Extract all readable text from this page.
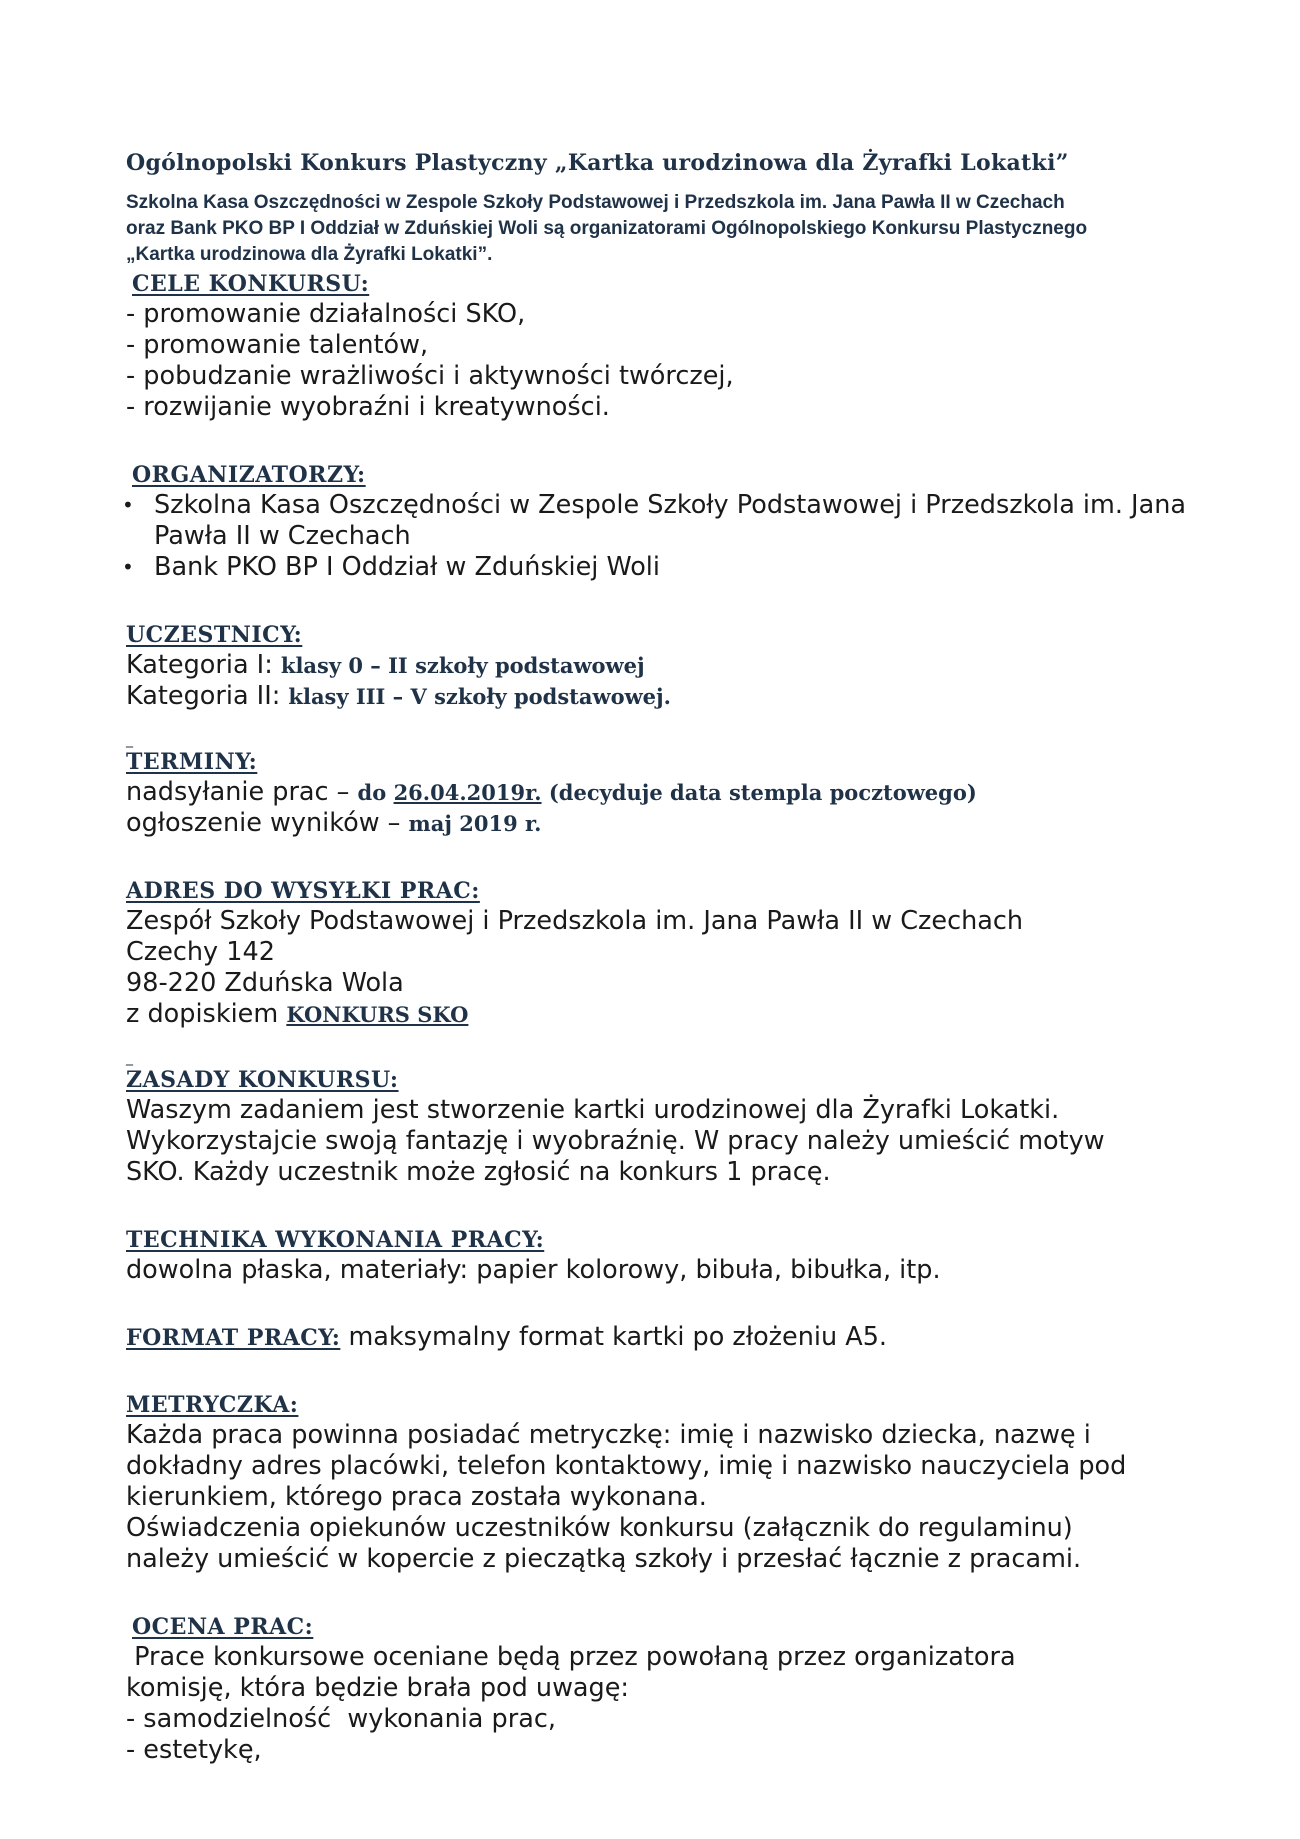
Ogólnopolski Konkurs Plastyczny „Kartka urodzinowa dla Żyrafki Lokatki”

Szkolna Kasa Oszczędności w Zespole Szkoły Podstawowej i Przedszkola im. Jana Pawła II w Czechach

oraz Bank PKO BP I Oddział w Zduńskiej Woli są organizatorami Ogólnopolskiego Konkursu Plastycznego

„Kartka urodzinowa dla Żyrafki Lokatki”.

CELE KONKURSU:

- promowanie działalności SKO,

- promowanie talentów,

- pobudzanie wrażliwości i aktywności twórczej,

- rozwijanie wyobraźni i kreatywności.

ORGANIZATORZY:
• Szkolna Kasa Oszczędności w Zespole Szkoły Podstawowej i Przedszkola im. Jana Pawła II w Czechach
• Bank PKO BP I Oddział w Zduńskiej Woli
UCZESTNICY:

Kategoria I: klasy 0 – II szkoły podstawowej

Kategoria II: klasy III – V szkoły podstawowej.

_

TERMINY:

nadsyłanie prac – do 26.04.2019r. (decyduje data stempla pocztowego)

ogłoszenie wyników – maj 2019 r.

ADRES DO WYSYŁKI PRAC:

Zespół Szkoły Podstawowej i Przedszkola im. Jana Pawła II w Czechach

Czechy 142

98-220 Zduńska Wola

z dopiskiem KONKURS SKO

_

ZASADY KONKURSU:

Waszym zadaniem jest stworzenie kartki urodzinowej dla Żyrafki Lokatki.

Wykorzystajcie swoją fantazję i wyobraźnię. W pracy należy umieścić motyw

SKO. Każdy uczestnik może zgłosić na konkurs 1 pracę.

TECHNIKA WYKONANIA PRACY:

dowolna płaska, materiały: papier kolorowy, bibuła, bibułka, itp.

FORMAT PRACY: maksymalny format kartki po złożeniu A5.

METRYCZKA:

Każda praca powinna posiadać metryczkę: imię i nazwisko dziecka, nazwę i

dokładny adres placówki, telefon kontaktowy, imię i nazwisko nauczyciela pod

kierunkiem, którego praca została wykonana.

Oświadczenia opiekunów uczestników konkursu (załącznik do regulaminu)

należy umieścić w kopercie z pieczątką szkoły i przesłać łącznie z pracami.

OCENA PRAC:

Prace konkursowe oceniane będą przez powołaną przez organizatora

komisję, która będzie brała pod uwagę:

- samodzielność  wykonania prac,

- estetykę,
